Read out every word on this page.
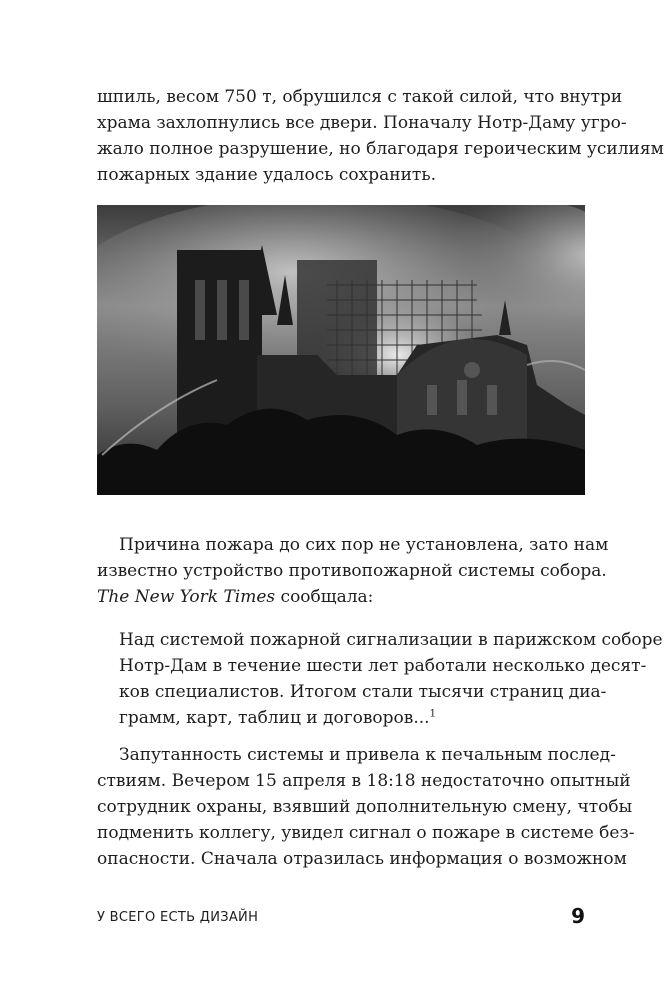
шпиль, весом 750 т, обрушился с такой силой, что внутри
храма захлопнулись все двери. Поначалу Нотр-Даму угро-
жало полное разрушение, но благодаря героическим усилиям
пожарных здание удалось сохранить.
Причина пожара до сих пор не установлена, зато нам
известно устройство противопожарной системы собора.
The New York Times сообщала:
Над системой пожарной сигнализации в парижском соборе
Нотр-Дам в течение шести лет работали несколько десят-
ков специалистов. Итогом стали тысячи страниц диа-
грамм, карт, таблиц и договоров...$^1$
Запутанность системы и привела к печальным послед-
ствиям. Вечером 15 апреля в 18:18 недостаточно опытный
сотрудник охраны, взявший дополнительную смену, чтобы
подменить коллегу, увидел сигнал о пожаре в системе без-
опасности. Сначала отразилась информация о возможном
У ВСЕГО ЕСТЬ ДИЗАЙН	9
